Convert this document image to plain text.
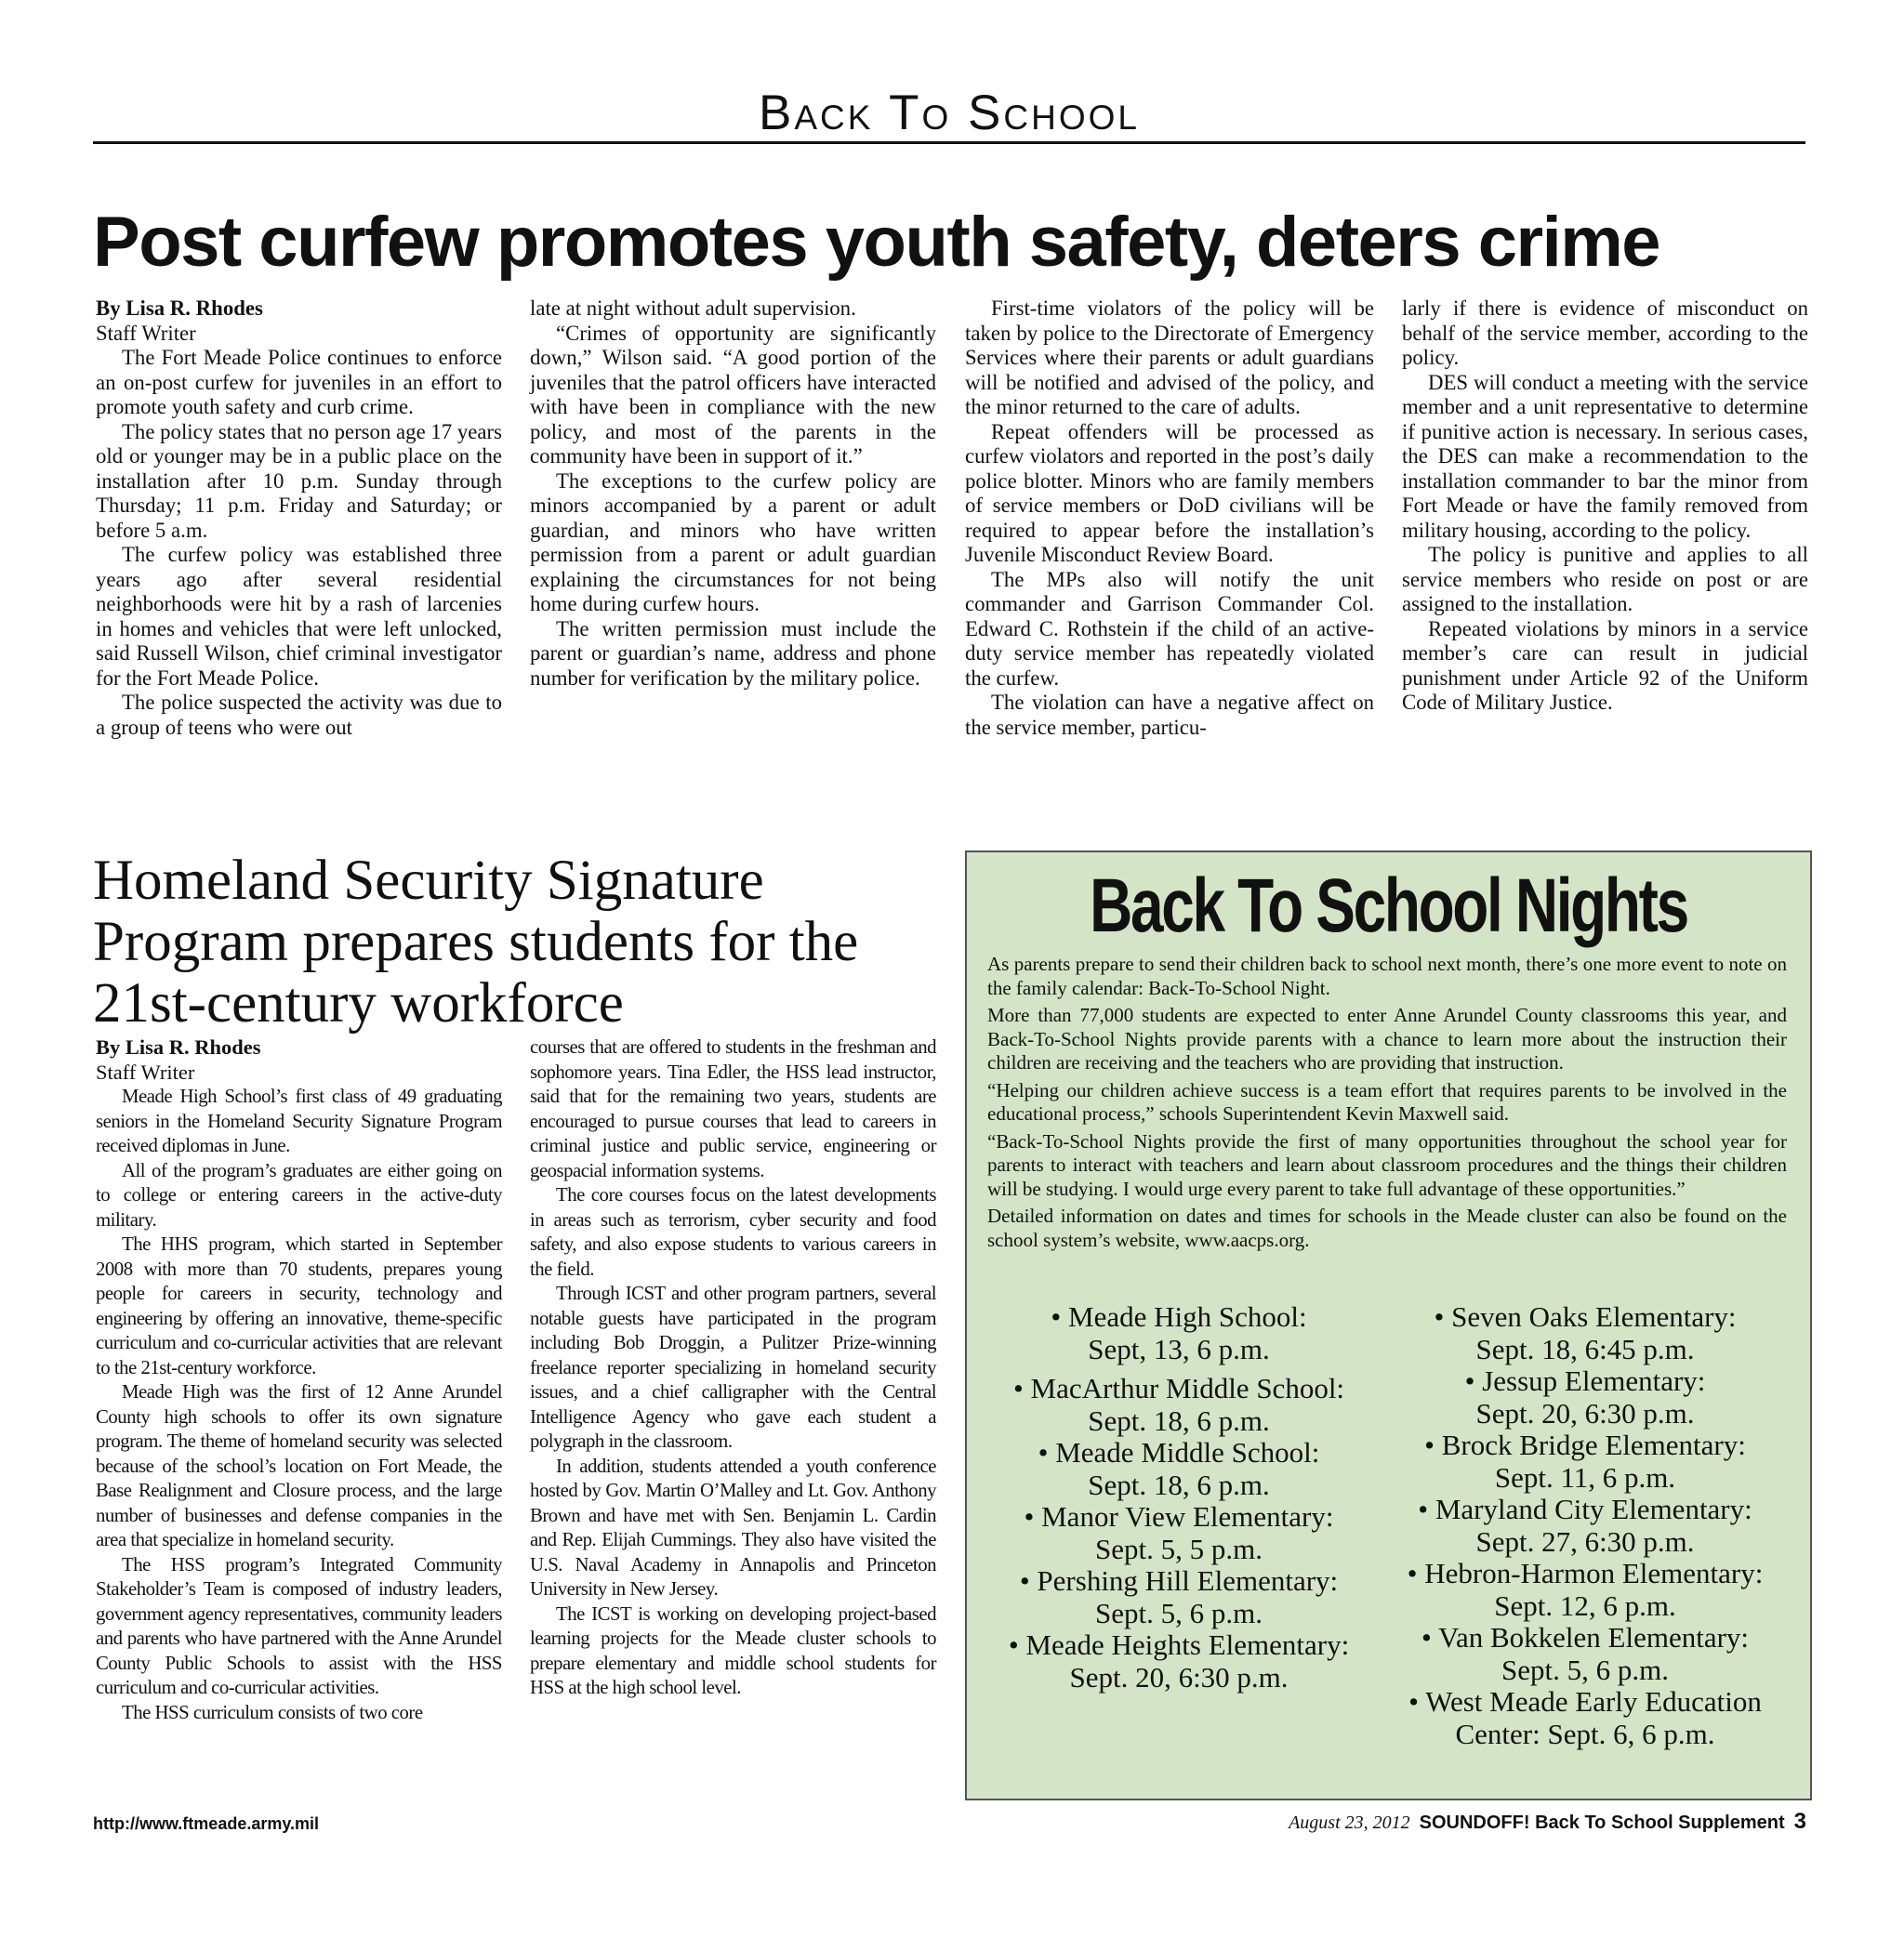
Back To School
Post curfew promotes youth safety, deters crime

By Lisa R. Rhodes

Staff Writer

The Fort Meade Police continues to enforce an on-post curfew for juveniles in an effort to promote youth safety and curb crime.

The policy states that no person age 17 years old or younger may be in a public place on the installation after 10 p.m. Sunday through Thursday; 11 p.m. Friday and Saturday; or before 5 a.m.

The curfew policy was established three years ago after several residential neighborhoods were hit by a rash of larcenies in homes and vehicles that were left unlocked, said Russell Wilson, chief criminal investigator for the Fort Meade Police.

The police suspected the activity was due to a group of teens who were out

late at night without adult supervision.

“Crimes of opportunity are significantly down,” Wilson said. “A good portion of the juveniles that the patrol officers have interacted with have been in compliance with the new policy, and most of the parents in the community have been in support of it.”

The exceptions to the curfew policy are minors accompanied by a parent or adult guardian, and minors who have written permission from a parent or adult guardian explaining the circumstances for not being home during curfew hours.

The written permission must include the parent or guardian’s name, address and phone number for verification by the military police.

First-time violators of the policy will be taken by police to the Directorate of Emergency Services where their parents or adult guardians will be notified and advised of the policy, and the minor returned to the care of adults.

Repeat offenders will be processed as curfew violators and reported in the post’s daily police blotter. Minors who are family members of service members or DoD civilians will be required to appear before the installation’s Juvenile Misconduct Review Board.

The MPs also will notify the unit commander and Garrison Commander Col. Edward C. Rothstein if the child of an active-duty service member has repeatedly violated the curfew.

The violation can have a negative affect on the service member, particu-

larly if there is evidence of misconduct on behalf of the service member, according to the policy.

DES will conduct a meeting with the service member and a unit representative to determine if punitive action is necessary. In serious cases, the DES can make a recommendation to the installation commander to bar the minor from Fort Meade or have the family removed from military housing, according to the policy.

The policy is punitive and applies to all service members who reside on post or are assigned to the installation.

Repeated violations by minors in a service member’s care can result in judicial punishment under Article 92 of the Uniform Code of Military Justice.

Homeland Security Signature Program prepares students for the 21st-century workforce

By Lisa R. Rhodes

Staff Writer

Meade High School’s first class of 49 graduating seniors in the Homeland Security Signature Program received diplomas in June.

All of the program’s graduates are either going on to college or entering careers in the active-duty military.

The HHS program, which started in September 2008 with more than 70 students, prepares young people for careers in security, technology and engineering by offering an innovative, theme-specific curriculum and co-curricular activities that are relevant to the 21st-century workforce.

Meade High was the first of 12 Anne Arundel County high schools to offer its own signature program. The theme of homeland security was selected because of the school’s location on Fort Meade, the Base Realignment and Closure process, and the large number of businesses and defense companies in the area that specialize in homeland security.

The HSS program’s Integrated Community Stakeholder’s Team is composed of industry leaders, government agency representatives, community leaders and parents who have partnered with the Anne Arundel County Public Schools to assist with the HSS curriculum and co-curricular activities.

The HSS curriculum consists of two core

courses that are offered to students in the freshman and sophomore years. Tina Edler, the HSS lead instructor, said that for the remaining two years, students are encouraged to pursue courses that lead to careers in criminal justice and public service, engineering or geospacial information systems.

The core courses focus on the latest developments in areas such as terrorism, cyber security and food safety, and also expose students to various careers in the field.

Through ICST and other program partners, several notable guests have participated in the program including Bob Droggin, a Pulitzer Prize-winning freelance reporter specializing in homeland security issues, and a chief calligrapher with the Central Intelligence Agency who gave each student a polygraph in the classroom.

In addition, students attended a youth conference hosted by Gov. Martin O’Malley and Lt. Gov. Anthony Brown and have met with Sen. Benjamin L. Cardin and Rep. Elijah Cummings. They also have visited the U.S. Naval Academy in Annapolis and Princeton University in New Jersey.

The ICST is working on developing project-based learning projects for the Meade cluster schools to prepare elementary and middle school students for HSS at the high school level.

Back To School Nights

As parents prepare to send their children back to school next month, there’s one more event to note on the family calendar: Back-To-School Night.

More than 77,000 students are expected to enter Anne Arundel County classrooms this year, and Back-To-School Nights provide parents with a chance to learn more about the instruction their children are receiving and the teachers who are providing that instruction.

“Helping our children achieve success is a team effort that requires parents to be involved in the educational process,” schools Superintendent Kevin Maxwell said.

“Back-To-School Nights provide the first of many opportunities throughout the school year for parents to interact with teachers and learn about classroom procedures and the things their children will be studying. I would urge every parent to take full advantage of these opportunities.”

Detailed information on dates and times for schools in the Meade cluster can also be found on the school system’s website, www.aacps.org.

• Meade High School:
Sept, 13, 6 p.m.
• MacArthur Middle School:
Sept. 18, 6 p.m.
• Meade Middle School:
Sept. 18, 6 p.m.
• Manor View Elementary:
Sept. 5, 5 p.m.
• Pershing Hill Elementary:
Sept. 5, 6 p.m.
• Meade Heights Elementary:
Sept. 20, 6:30 p.m.
• Seven Oaks Elementary:
Sept. 18, 6:45 p.m.
• Jessup Elementary:
Sept. 20, 6:30 p.m.
• Brock Bridge Elementary:
Sept. 11, 6 p.m.
• Maryland City Elementary:
Sept. 27, 6:30 p.m.
• Hebron-Harmon Elementary:
Sept. 12, 6 p.m.
• Van Bokkelen Elementary:
Sept. 5, 6 p.m.
• West Meade Early Education
Center: Sept. 6, 6 p.m.
http://www.ftmeade.army.mil	August 23, 2012 SOUNDOFF! Back To School Supplement 3
